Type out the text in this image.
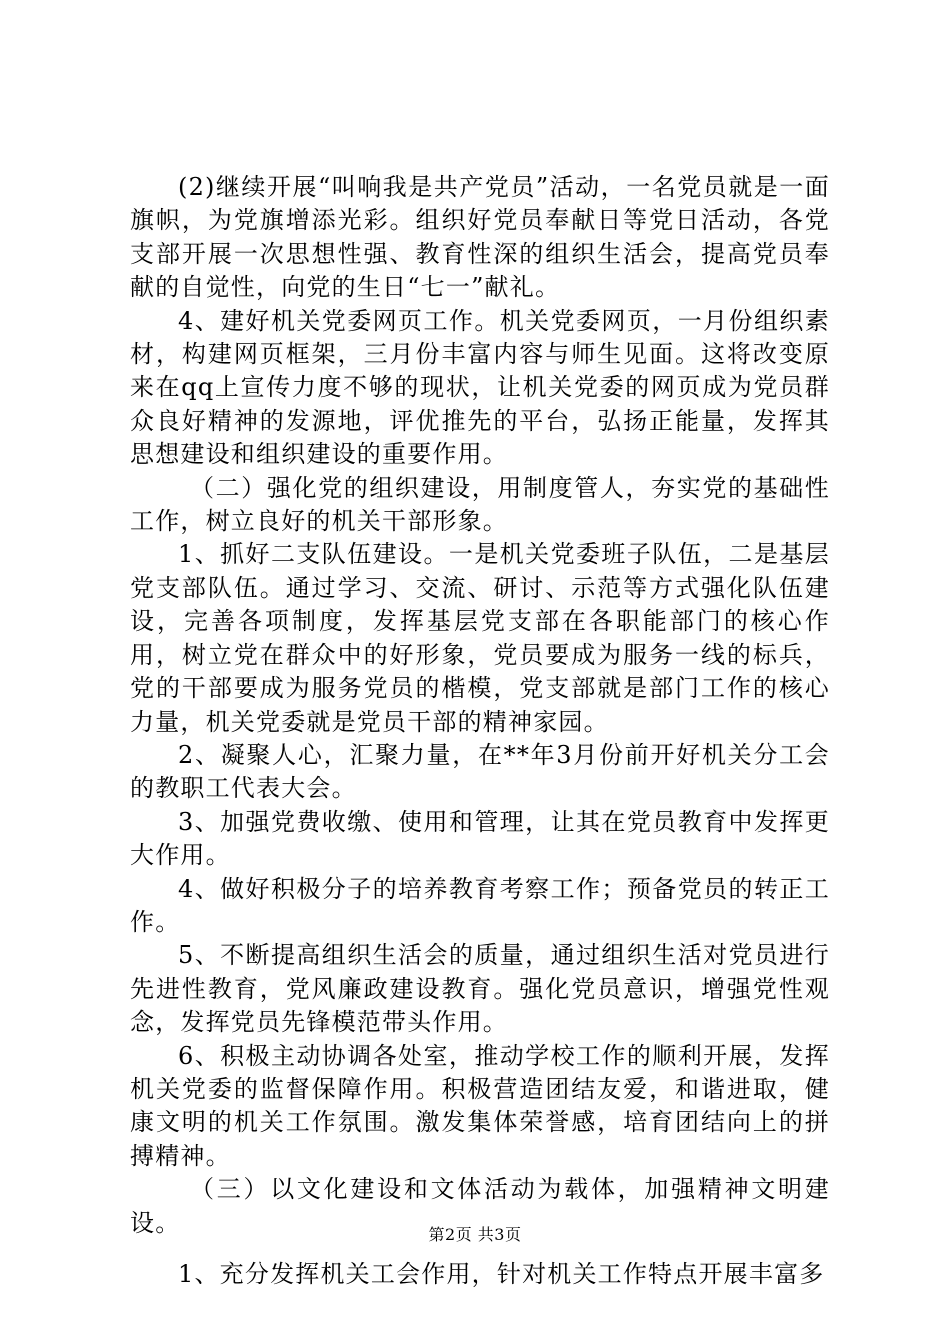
(2)继续开展“叫响我是共产党员”活动，一名党员就是一面旗帜，为党旗增添光彩。组织好党员奉献日等党日活动，各党支部开展一次思想性强、教育性深的组织生活会，提高党员奉献的自觉性，向党的生日“七一”献礼。

4、建好机关党委网页工作。机关党委网页，一月份组织素材，构建网页框架，三月份丰富内容与师生见面。这将改变原来在qq上宣传力度不够的现状，让机关党委的网页成为党员群众良好精神的发源地，评优推先的平台，弘扬正能量，发挥其思想建设和组织建设的重要作用。

（二）强化党的组织建设，用制度管人，夯实党的基础性工作，树立良好的机关干部形象。

1、抓好二支队伍建设。一是机关党委班子队伍，二是基层党支部队伍。通过学习、交流、研讨、示范等方式强化队伍建设，完善各项制度，发挥基层党支部在各职能部门的核心作用，树立党在群众中的好形象，党员要成为服务一线的标兵，党的干部要成为服务党员的楷模，党支部就是部门工作的核心力量，机关党委就是党员干部的精神家园。

2、凝聚人心，汇聚力量，在**年3月份前开好机关分工会的教职工代表大会。

3、加强党费收缴、使用和管理，让其在党员教育中发挥更大作用。

4、做好积极分子的培养教育考察工作；预备党员的转正工作。

5、不断提高组织生活会的质量，通过组织生活对党员进行先进性教育，党风廉政建设教育。强化党员意识，增强党性观念，发挥党员先锋模范带头作用。

6、积极主动协调各处室，推动学校工作的顺利开展，发挥机关党委的监督保障作用。积极营造团结友爱，和谐进取，健康文明的机关工作氛围。激发集体荣誉感，培育团结向上的拼搏精神。

（三）以文化建设和文体活动为载体，加强精神文明建设。

1、充分发挥机关工会作用，针对机关工作特点开展丰富多

第2页 共3页
